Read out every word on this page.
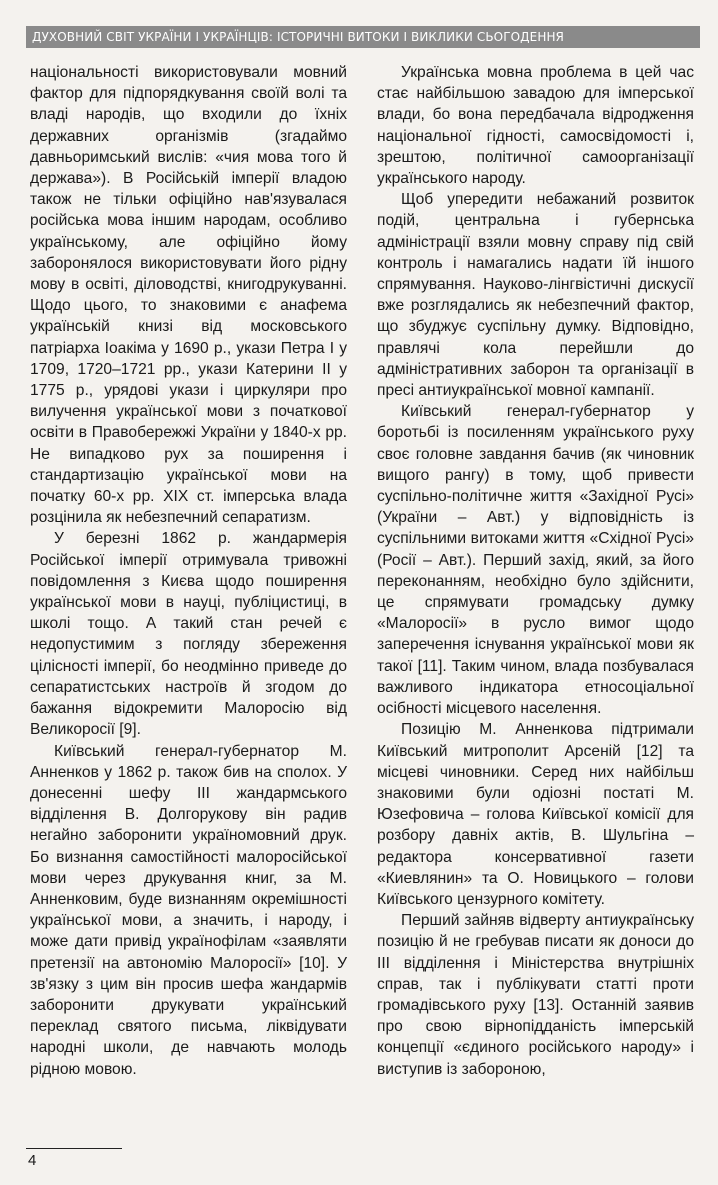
ДУХОВНИЙ СВІТ УКРАЇНИ І УКРАЇНЦІВ: ІСТОРИЧНІ ВИТОКИ І ВИКЛИКИ СЬОГОДЕННЯ

національності використовували мовний фактор для підпорядкування своїй волі та владі народів, що входили до їхніх державних організмів (згадаймо давньоримський вислів: «чия мова того й держава»). В Російській імперії владою також не тільки офіційно нав'язувалася російська мова іншим народам, особливо українському, але офіційно йому заборонялося використовувати його рідну мову в освіті, діловодстві, книгодрукуванні. Щодо цього, то знаковими є анафема українській книзі від московського патріарха Іоакіма у 1690 р., укази Петра І у 1709, 1720–1721 рр., укази Катерини ІІ у 1775 р., урядові укази і циркуляри про вилучення української мови з початкової освіти в Правобережжі України у 1840-х рр. Не випадково рух за поширення і стандартизацію української мови на початку 60-х рр. ХІХ ст. імперська влада розцінила як небезпечний сепаратизм.

У березні 1862 р. жандармерія Російської імперії отримувала тривожні повідомлення з Києва щодо поширення української мови в науці, публіцистиці, в школі тощо. А такий стан речей є недопустимим з погляду збереження цілісності імперії, бо неодмінно приведе до сепаратистських настроїв й згодом до бажання відокремити Малоросію від Великоросії [9].

Київський генерал-губернатор М. Анненков у 1862 р. також бив на сполох. У донесенні шефу ІІІ жандармського відділення В. Долгорукову він радив негайно заборонити україномовний друк. Бо визнання самостійності малоросійської мови через друкування книг, за М. Анненковим, буде визнанням окремішності української мови, а значить, і народу, і може дати привід українофілам «заявляти претензії на автономію Малоросії» [10]. У зв'язку з цим він просив шефа жандармів заборонити друкувати український переклад святого письма, ліквідувати народні школи, де навчають молодь рідною мовою.

Українська мовна проблема в цей час стає найбільшою завадою для імперської влади, бо вона передбачала відродження національної гідності, самосвідомості і, зрештою, політичної самоорганізації українського народу.

Щоб упередити небажаний розвиток подій, центральна і губернська адміністрації взяли мовну справу під свій контроль і намагались надати їй іншого спрямування. Науково-лінгвістичні дискусії вже розглядались як небезпечний фактор, що збуджує суспільну думку. Відповідно, правлячі кола перейшли до адміністративних заборон та організації в пресі антиукраїнської мовної кампанії.

Київський генерал-губернатор у боротьбі із посиленням українського руху своє головне завдання бачив (як чиновник вищого рангу) в тому, щоб привести суспільно-політичне життя «Західної Русі» (України – Авт.) у відповідність із суспільними витоками життя «Східної Русі» (Росії – Авт.). Перший захід, який, за його переконанням, необхідно було здійснити, це спрямувати громадську думку «Малоросії» в русло вимог щодо заперечення існування української мови як такої [11]. Таким чином, влада позбувалася важливого індикатора етносоціальної осібності місцевого населення.

Позицію М. Анненкова підтримали Київський митрополит Арсеній [12] та місцеві чиновники. Серед них найбільш знаковими були одіозні постаті М. Юзефовича – голова Київської комісії для розбору давніх актів, В. Шульгіна – редактора консервативної газети «Киевлянин» та О. Новицького – голови Київського цензурного комітету.

Перший зайняв відверту антиукраїнську позицію й не гребував писати як доноси до ІІІ відділення і Міністерства внутрішніх справ, так і публікувати статті проти громадівського руху [13]. Останній заявив про свою вірнопідданість імперській концепції «єдиного російського народу» і виступив із забороною,

4
